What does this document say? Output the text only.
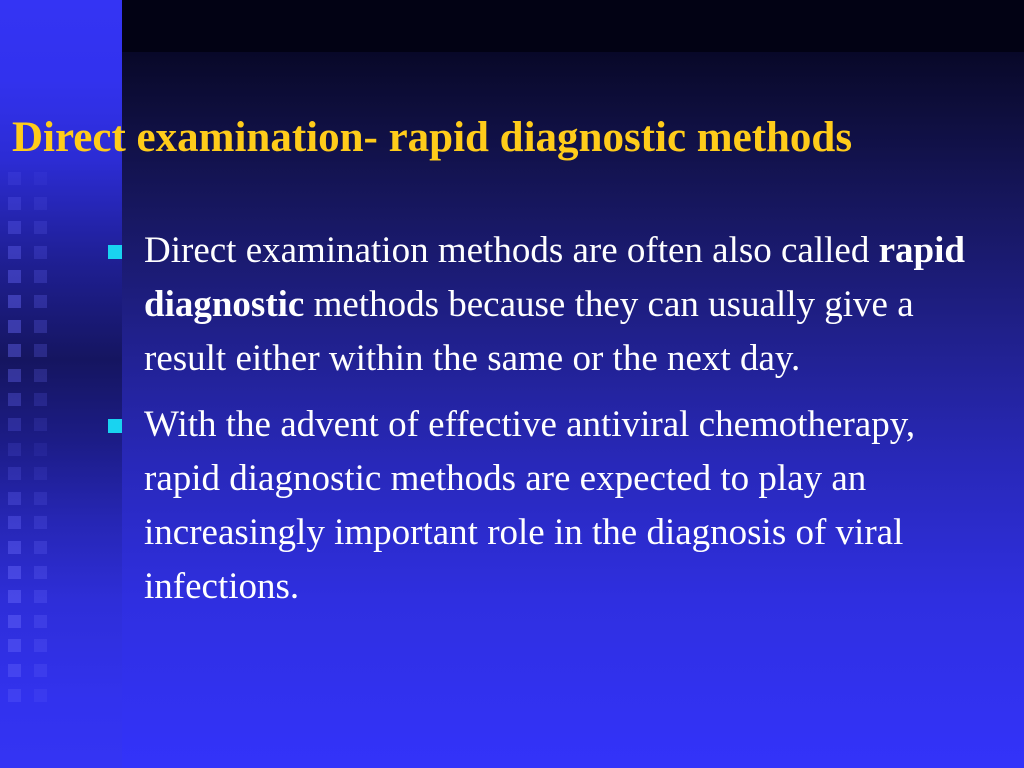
Direct examination- rapid diagnostic methods
Direct examination methods are often also called rapid diagnostic methods because they can usually give a result either within the same or the next day.
With the advent of effective antiviral chemotherapy, rapid diagnostic methods are expected to play an increasingly important role in the diagnosis of viral infections.
